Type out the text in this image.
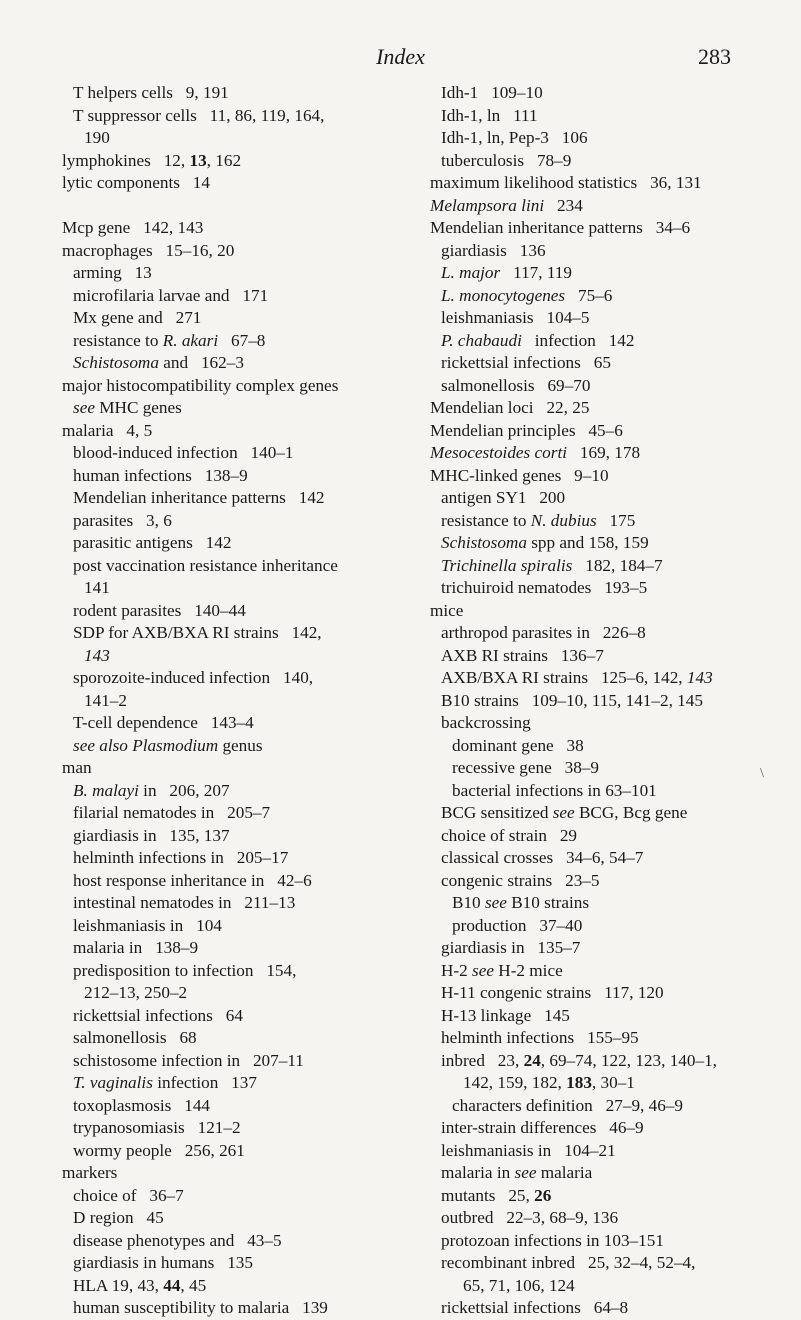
Index	283
T helpers cells   9, 191
T suppressor cells   11, 86, 119, 164,
190
lymphokines   12, 13, 162
lytic components   14
Mcp gene   142, 143
macrophages   15–16, 20
arming   13
microfilaria larvae and   171
Mx gene and   271
resistance to R. akari   67–8
Schistosoma and   162–3
major histocompatibility complex genes
see MHC genes
malaria   4, 5
blood-induced infection   140–1
human infections   138–9
Mendelian inheritance patterns   142
parasites   3, 6
parasitic antigens   142
post vaccination resistance inheritance
141
rodent parasites   140–44
SDP for AXB/BXA RI strains   142,
143
sporozoite-induced infection   140,
141–2
T-cell dependence   143–4
see also Plasmodium genus
man
B. malayi in   206, 207
filarial nematodes in   205–7
giardiasis in   135, 137
helminth infections in   205–17
host response inheritance in   42–6
intestinal nematodes in   211–13
leishmaniasis in   104
malaria in   138–9
predisposition to infection   154,
212–13, 250–2
rickettsial infections   64
salmonellosis   68
schistosome infection in   207–11
T. vaginalis infection   137
toxoplasmosis   144
trypanosomiasis   121–2
wormy people   256, 261
markers
choice of   36–7
D region   45
disease phenotypes and   43–5
giardiasis in humans   135
HLA 19, 43, 44, 45
human susceptibility to malaria   139
Idh-1   109–10
Idh-1, ln   111
Idh-1, ln, Pep-3   106
tuberculosis   78–9
maximum likelihood statistics   36, 131
Melampsora lini   234
Mendelian inheritance patterns   34–6
giardiasis   136
L. major   117, 119
L. monocytogenes   75–6
leishmaniasis   104–5
P. chabaudi   infection   142
rickettsial infections   65
salmonellosis   69–70
Mendelian loci   22, 25
Mendelian principles   45–6
Mesocestoides corti   169, 178
MHC-linked genes   9–10
antigen SY1   200
resistance to N. dubius   175
Schistosoma spp and 158, 159
Trichinella spiralis   182, 184–7
trichuiroid nematodes   193–5
mice
arthropod parasites in   226–8
AXB RI strains   136–7
AXB/BXA RI strains   125–6, 142, 143
B10 strains   109–10, 115, 141–2, 145
backcrossing
dominant gene   38
recessive gene   38–9
bacterial infections in 63–101
BCG sensitized see BCG, Bcg gene
choice of strain   29
classical crosses   34–6, 54–7
congenic strains   23–5
B10 see B10 strains
production   37–40
giardiasis in   135–7
H-2 see H-2 mice
H-11 congenic strains   117, 120
H-13 linkage   145
helminth infections   155–95
inbred   23, 24, 69–74, 122, 123, 140–1,
142, 159, 182, 183, 30–1
characters definition   27–9, 46–9
inter-strain differences   46–9
leishmaniasis in   104–21
malaria in see malaria
mutants   25, 26
outbred   22–3, 68–9, 136
protozoan infections in 103–151
recombinant inbred   25, 32–4, 52–4,
65, 71, 106, 124
rickettsial infections   64–8
\
